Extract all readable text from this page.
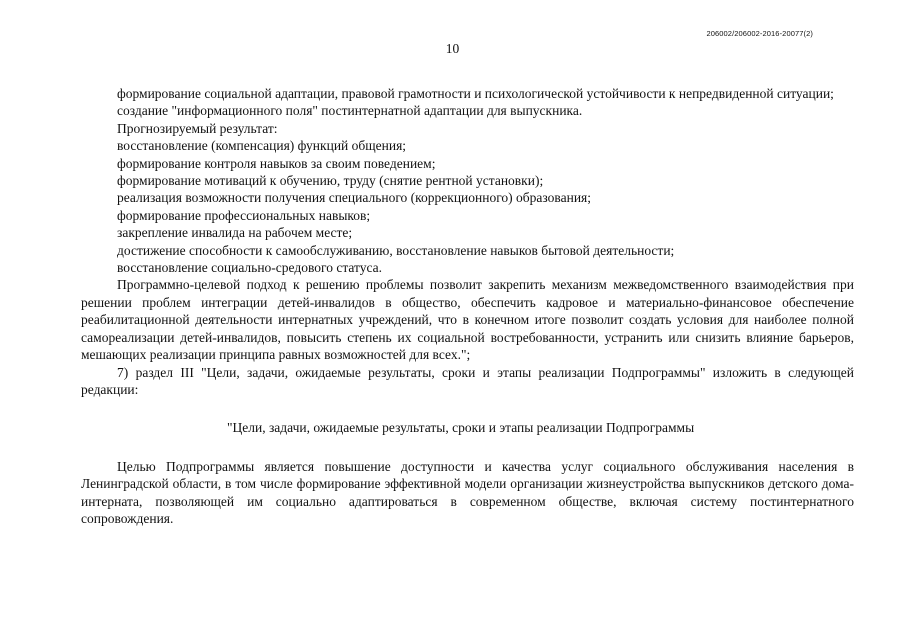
206002/206002-2016-20077(2)
10

формирование социальной адаптации, правовой грамотности и психологической устойчивости к непредвиденной ситуации;

создание "информационного поля" постинтернатной адаптации для выпускника.

Прогнозируемый результат:

восстановление (компенсация) функций общения;

формирование контроля навыков за своим поведением;

формирование мотиваций к обучению, труду (снятие рентной установки);

реализация возможности получения специального (коррекционного) образования;

формирование профессиональных навыков;

закрепление инвалида на рабочем месте;

достижение способности к самообслуживанию, восстановление навыков бытовой деятельности;

восстановление социально-средового статуса.

Программно-целевой подход к решению проблемы позволит закрепить механизм межведомственного взаимодействия при решении проблем интеграции детей-инвалидов в общество, обеспечить кадровое и материально-финансовое обеспечение реабилитационной деятельности интернатных учреждений, что в конечном итоге позволит создать условия для наиболее полной самореализации детей-инвалидов, повысить степень их социальной востребованности, устранить или снизить влияние барьеров, мешающих реализации принципа равных возможностей для всех.";

7) раздел III "Цели, задачи, ожидаемые результаты, сроки и этапы реализации Подпрограммы" изложить в следующей редакции:

"Цели, задачи, ожидаемые результаты, сроки и этапы реализации Подпрограммы

Целью Подпрограммы является повышение доступности и качества услуг социального обслуживания населения в Ленинградской области, в том числе формирование эффективной модели организации жизнеустройства выпускников детского дома-интерната, позволяющей им социально адаптироваться в современном обществе, включая систему постинтернатного сопровождения.
